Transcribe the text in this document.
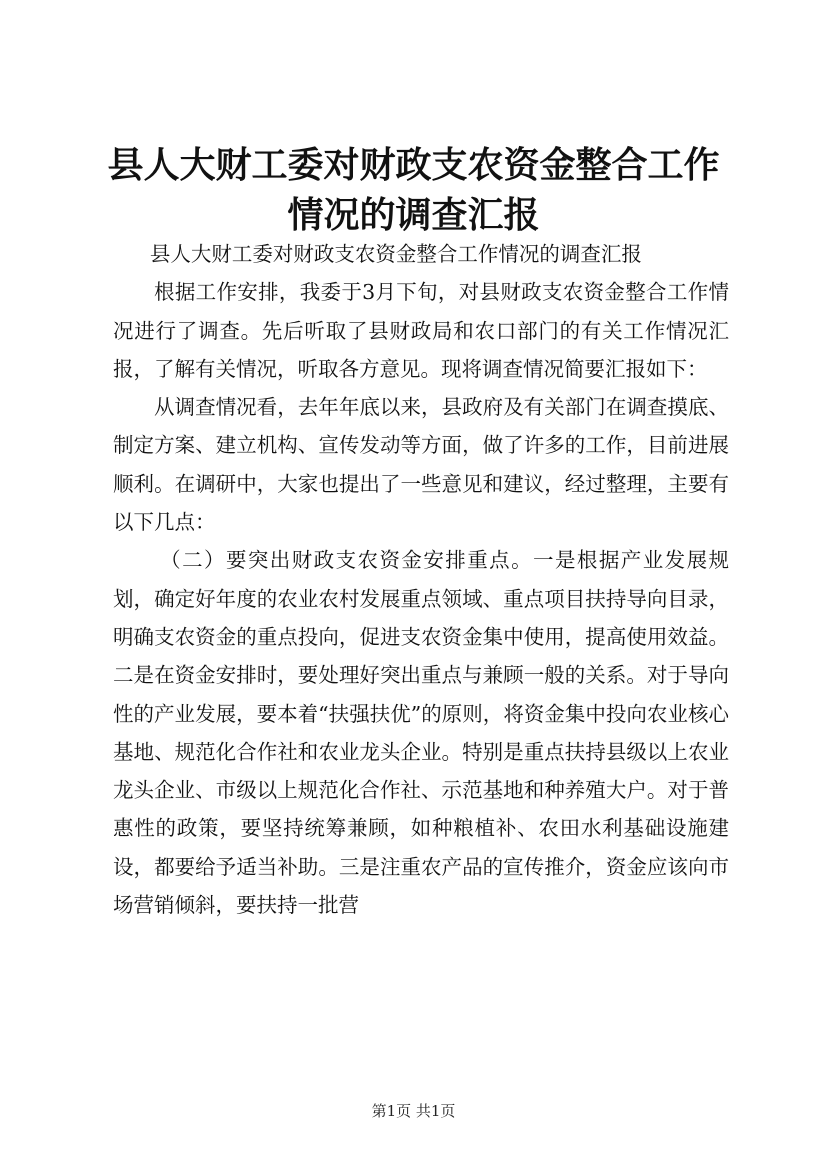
县人大财工委对财政支农资金整合工作情况的调查汇报

县人大财工委对财政支农资金整合工作情况的调查汇报

根据工作安排，我委于3月下旬，对县财政支农资金整合工作情况进行了调查。先后听取了县财政局和农口部门的有关工作情况汇报，了解有关情况，听取各方意见。现将调查情况简要汇报如下：

从调查情况看，去年年底以来，县政府及有关部门在调查摸底、制定方案、建立机构、宣传发动等方面，做了许多的工作，目前进展顺利。在调研中，大家也提出了一些意见和建议，经过整理，主要有以下几点：

（二）要突出财政支农资金安排重点。一是根据产业发展规划，确定好年度的农业农村发展重点领域、重点项目扶持导向目录，明确支农资金的重点投向，促进支农资金集中使用，提高使用效益。二是在资金安排时，要处理好突出重点与兼顾一般的关系。对于导向性的产业发展，要本着“扶强扶优”的原则，将资金集中投向农业核心基地、规范化合作社和农业龙头企业。特别是重点扶持县级以上农业龙头企业、市级以上规范化合作社、示范基地和种养殖大户。对于普惠性的政策，要坚持统筹兼顾，如种粮植补、农田水利基础设施建设，都要给予适当补助。三是注重农产品的宣传推介，资金应该向市场营销倾斜，要扶持一批营

第1页 共1页
